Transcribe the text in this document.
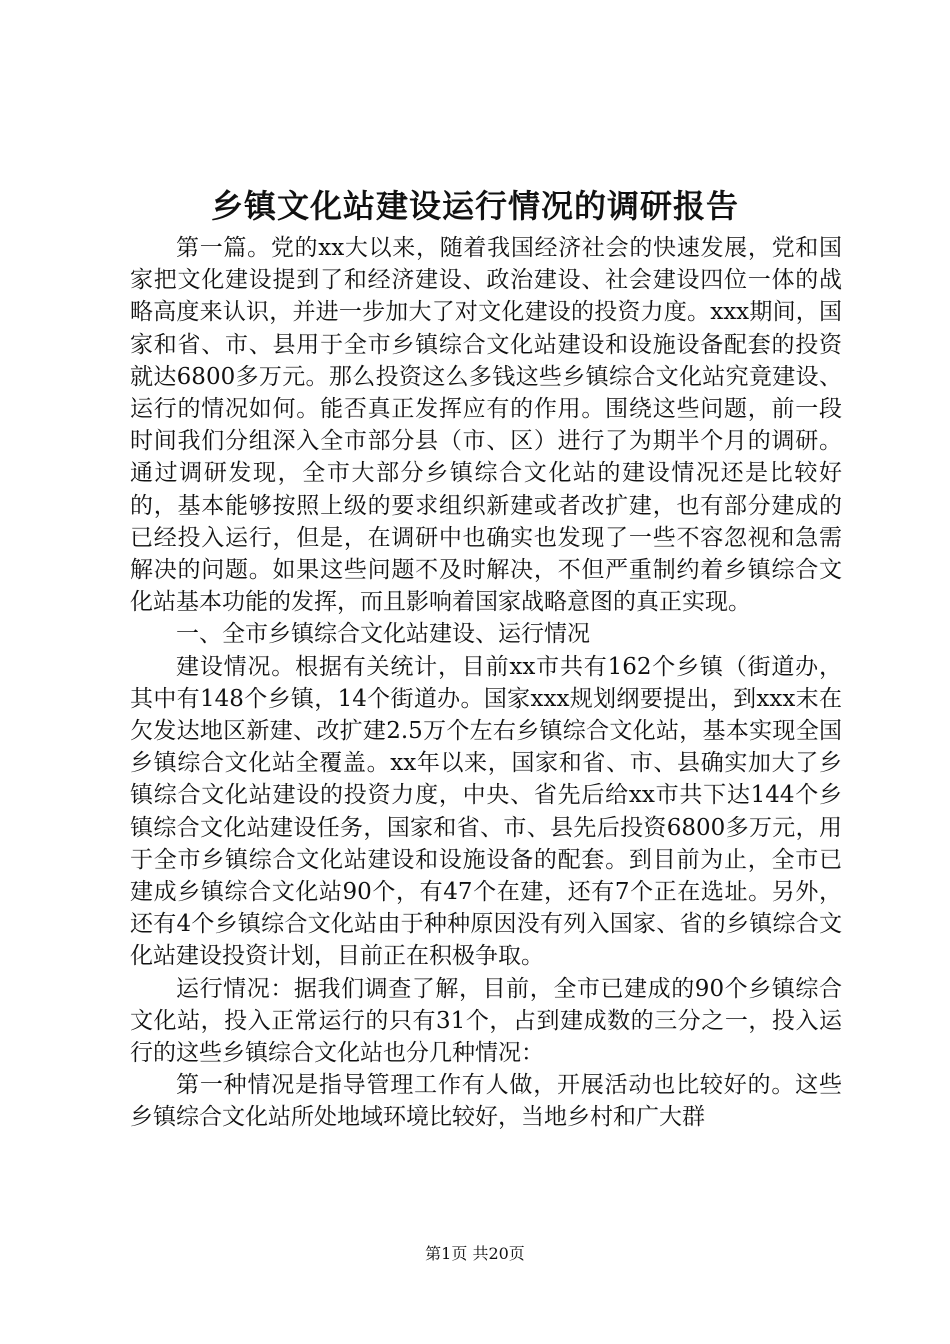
乡镇文化站建设运行情况的调研报告

第一篇。党的xx大以来，随着我国经济社会的快速发展，党和国家把文化建设提到了和经济建设、政治建设、社会建设四位一体的战略高度来认识，并进一步加大了对文化建设的投资力度。xxx期间，国家和省、市、县用于全市乡镇综合文化站建设和设施设备配套的投资就达6800多万元。那么投资这么多钱这些乡镇综合文化站究竟建设、运行的情况如何。能否真正发挥应有的作用。围绕这些问题，前一段时间我们分组深入全市部分县（市、区）进行了为期半个月的调研。通过调研发现，全市大部分乡镇综合文化站的建设情况还是比较好的，基本能够按照上级的要求组织新建或者改扩建，也有部分建成的已经投入运行，但是，在调研中也确实也发现了一些不容忽视和急需解决的问题。如果这些问题不及时解决，不但严重制约着乡镇综合文化站基本功能的发挥，而且影响着国家战略意图的真正实现。

一、全市乡镇综合文化站建设、运行情况

建设情况。根据有关统计，目前xx市共有162个乡镇（街道办，其中有148个乡镇，14个街道办。国家xxx规划纲要提出，到xxx末在欠发达地区新建、改扩建2.5万个左右乡镇综合文化站，基本实现全国乡镇综合文化站全覆盖。xx年以来，国家和省、市、县确实加大了乡镇综合文化站建设的投资力度，中央、省先后给xx市共下达144个乡镇综合文化站建设任务，国家和省、市、县先后投资6800多万元，用于全市乡镇综合文化站建设和设施设备的配套。到目前为止，全市已建成乡镇综合文化站90个，有47个在建，还有7个正在选址。另外，还有4个乡镇综合文化站由于种种原因没有列入国家、省的乡镇综合文化站建设投资计划，目前正在积极争取。

运行情况：据我们调查了解，目前，全市已建成的90个乡镇综合文化站，投入正常运行的只有31个，占到建成数的三分之一，投入运行的这些乡镇综合文化站也分几种情况：

第一种情况是指导管理工作有人做，开展活动也比较好的。这些乡镇综合文化站所处地域环境比较好，当地乡村和广大群

第1页 共20页
